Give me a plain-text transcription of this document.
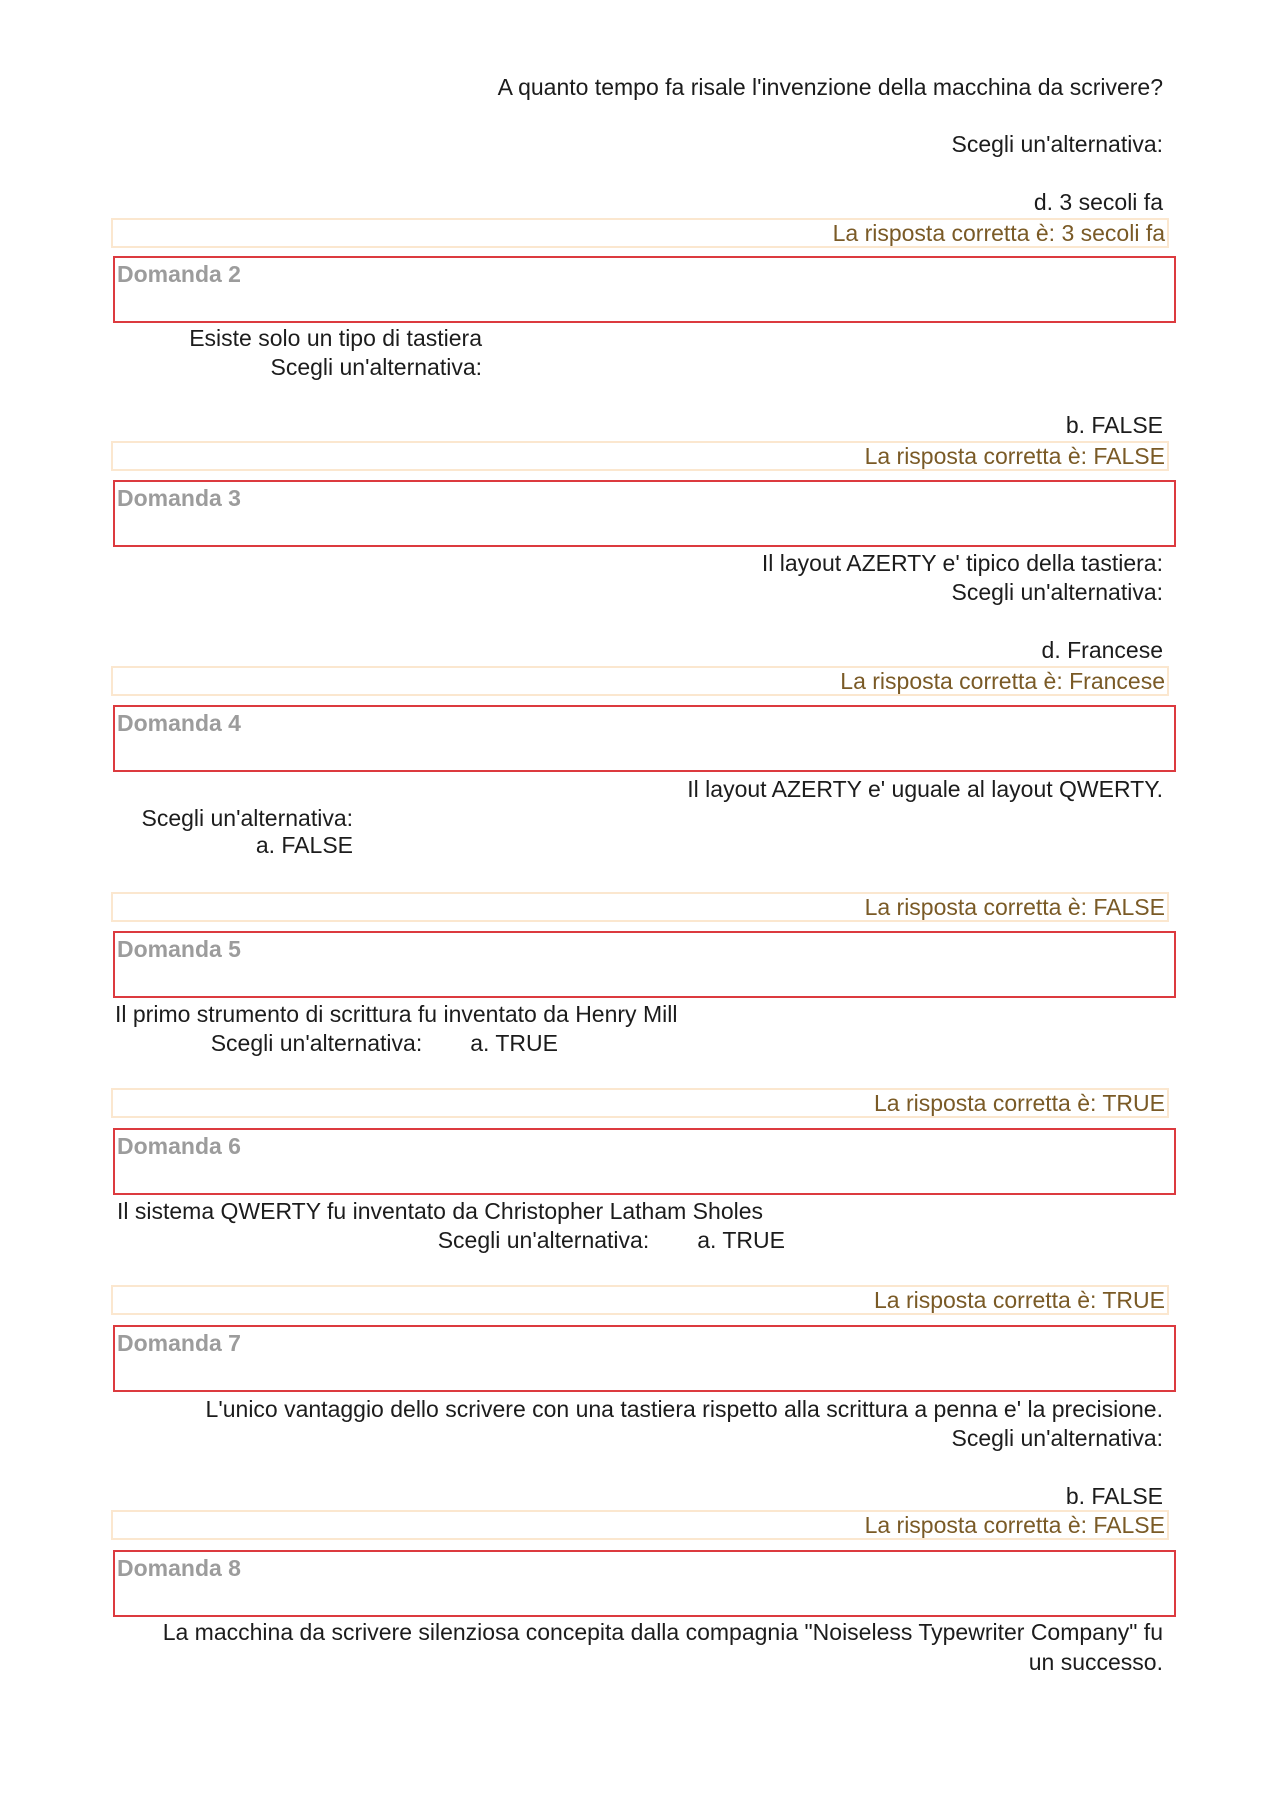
A quanto tempo fa risale l'invenzione della macchina da scrivere?
Scegli un'alternativa:
d. 3 secoli fa
La risposta corretta è: 3 secoli fa
Domanda 2
Esiste solo un tipo di tastiera
Scegli un'alternativa:
b. FALSE
La risposta corretta è: FALSE
Domanda 3
Il layout AZERTY e' tipico della tastiera:
Scegli un'alternativa:
d. Francese
La risposta corretta è: Francese
Domanda 4
Il layout AZERTY e' uguale al layout QWERTY.
Scegli un'alternativa:
a. FALSE
La risposta corretta è: FALSE
Domanda 5
Il primo strumento di scrittura fu inventato da Henry Mill
Scegli un'alternativa: a. TRUE
La risposta corretta è: TRUE
Domanda 6
Il sistema QWERTY fu inventato da Christopher Latham Sholes
Scegli un'alternativa: a. TRUE
La risposta corretta è: TRUE
Domanda 7
L'unico vantaggio dello scrivere con una tastiera rispetto alla scrittura a penna e' la precisione.
Scegli un'alternativa:
b. FALSE
La risposta corretta è: FALSE
Domanda 8
La macchina da scrivere silenziosa concepita dalla compagnia "Noiseless Typewriter Company" fu
un successo.
